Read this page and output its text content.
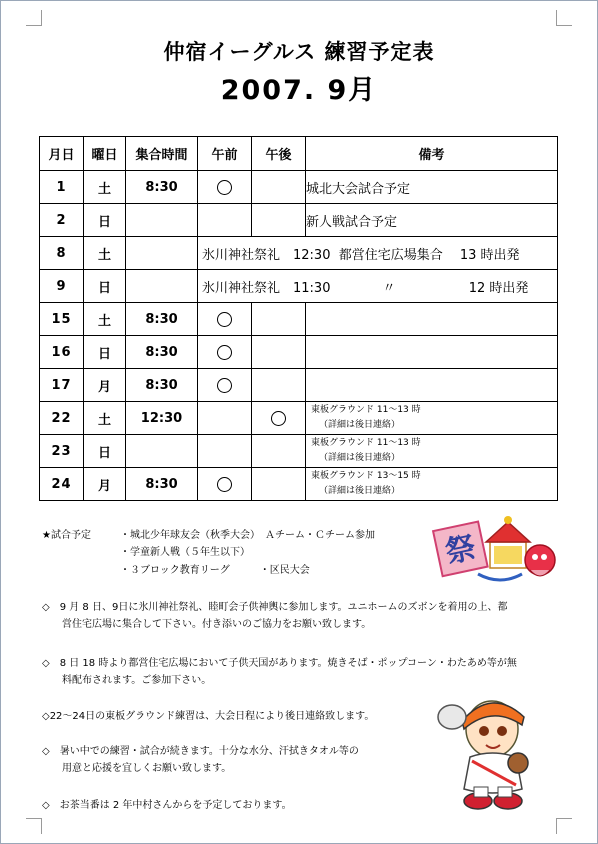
仲宿イーグルス 練習予定表
2007. 9月
月日	曜日	集合時間	午前	午後	備考
1	土	8:30			城北大会試合予定
2	日				新人戦試合予定
8	土		氷川神社祭礼　12:30  都営住宅広場集合　 13 時出発		
9	日		氷川神社祭礼　11:30　　　　〃　　　　　  12 時出発		
15	土	8:30			
16	日	8:30			
17	月	8:30			
22	土	12:30			東板グラウンド 11〜13 時
（詳細は後日連絡）

23	日				東板グラウンド 11〜13 時
（詳細は後日連絡）

24	月	8:30			東板グラウンド 13〜15 時
（詳細は後日連絡）
★試合予定	・城北少年球友会（秋季大会）　Ａチーム・Ｃチーム参加
・学童新人戦（５年生以下）
・３ブロック教育リーグ　　　・区民大会
◇　9 月 8 日、9日に氷川神社祭礼、睦町会子供神輿に参加します。ユニホームのズボンを着用の上、都
営住宅広場に集合して下さい。付き添いのご協力をお願い致します。
◇　8 日 18 時より都営住宅広場において子供天国があります。焼きそば・ポップコーン・わたあめ等が無
料配布されます。ご参加下さい。
◇22〜24日の東板グラウンド練習は、大会日程により後日連絡致します。
◇　暑い中での練習・試合が続きます。十分な水分、汗拭きタオル等の
用意と応援を宜しくお願い致します。
◇　お茶当番は 2 年中村さんからを予定しております。
祭
